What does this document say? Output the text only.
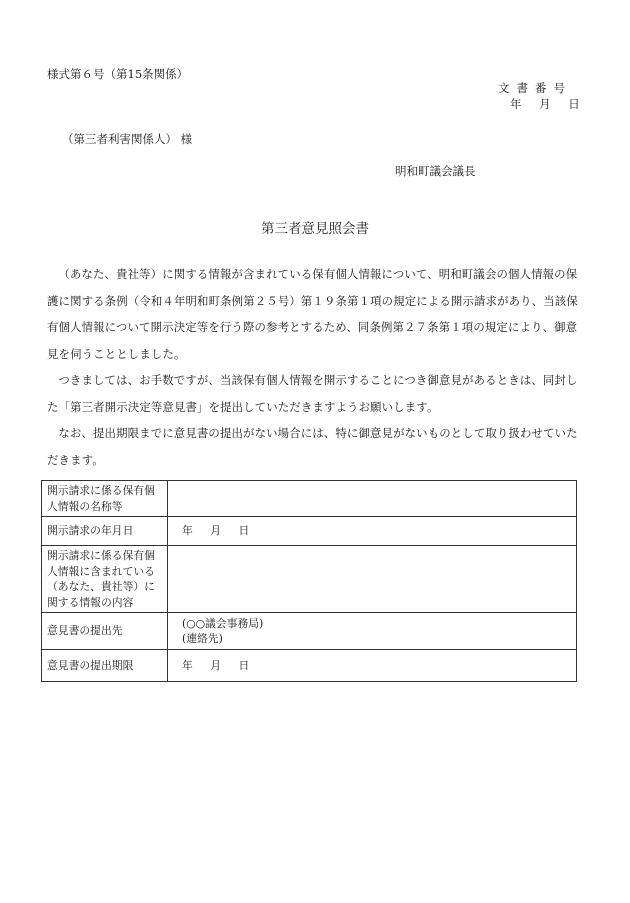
様式第６号（第15条関係）
文書番号
年 月 日
（第三者利害関係人） 様
明和町議会議長
第三者意見照会書

（あなた、貴社等）に関する情報が含まれている保有個人情報について、明和町議会の個人情報の保護に関する条例（令和４年明和町条例第２５号）第１９条第１項の規定による開示請求があり、当該保有個人情報について開示決定等を行う際の参考とするため、同条例第２７条第１項の規定により、御意見を伺うこととしました。

つきましては、お手数ですが、当該保有個人情報を開示することにつき御意見があるときは、同封した「第三者開示決定等意見書」を提出していただきますようお願いします。

なお、提出期限までに意見書の提出がない場合には、特に御意見がないものとして取り扱わせていただきます。

開示請求に係る保有個人情報の名称等	
開示請求の年月日	年 月 日
開示請求に係る保有個人情報に含まれている（あなた、貴社等）に関する情報の内容	
意見書の提出先	(○○議会事務局)
(連絡先)

意見書の提出期限	年 月 日
